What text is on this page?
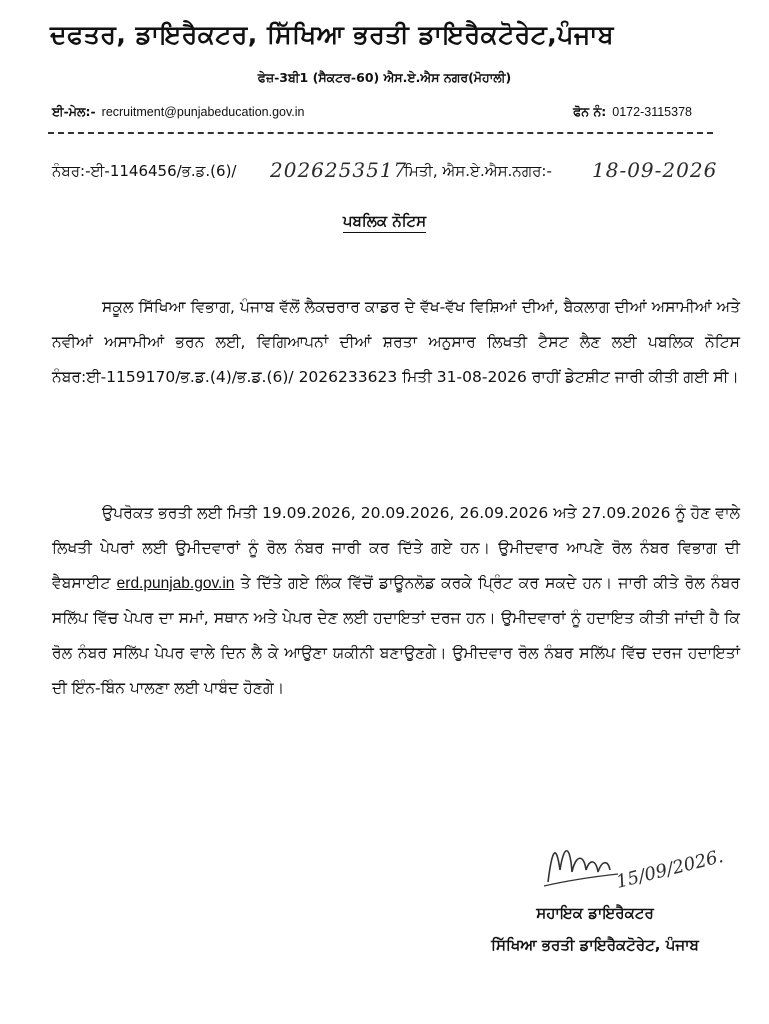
ਦਫਤਰ, ਡਾਇਰੈਕਟਰ, ਸਿੱਖਿਆ ਭਰਤੀ ਡਾਇਰੈਕਟੋਰੇਟ,ਪੰਜਾਬ
ਫੇਜ਼-3ਬੀ1 (ਸੈਕਟਰ-60) ਐਸ.ਏ.ਐਸ ਨਗਰ(ਮੋਹਾਲੀ)
ਈ-ਮੇਲ:- recruitment@punjabeducation.gov.in	ਫੋਨ ਨੰ: 0172-3115378
ਨੰਬਰ:-ਈ-1146456/ਭ.ਡ.(6)/ 2026253517
ਮਿਤੀ, ਐਸ.ਏ.ਐਸ.ਨਗਰ:- 18-09-2026
ਪਬਲਿਕ ਨੋਟਿਸ
ਸਕੂਲ ਸਿੱਖਿਆ ਵਿਭਾਗ, ਪੰਜਾਬ ਵੱਲੋਂ ਲੈਕਚਰਾਰ ਕਾਡਰ ਦੇ ਵੱਖ-ਵੱਖ ਵਿਸ਼ਿਆਂ ਦੀਆਂ, ਬੈਕਲਾਗ ਦੀਆਂ ਅਸਾਮੀਆਂ ਅਤੇ ਨਵੀਆਂ ਅਸਾਮੀਆਂ ਭਰਨ ਲਈ, ਵਿਗਿਆਪਨਾਂ ਦੀਆਂ ਸ਼ਰਤਾ ਅਨੁਸਾਰ ਲਿਖਤੀ ਟੈਸਟ ਲੈਣ ਲਈ ਪਬਲਿਕ ਨੋਟਿਸ ਨੰਬਰ:ਈ-1159170/ਭ.ਡ.(4)/ਭ.ਡ.(6)/ 2026233623 ਮਿਤੀ 31-08-2026 ਰਾਹੀਂ ਡੇਟਸ਼ੀਟ ਜਾਰੀ ਕੀਤੀ ਗਈ ਸੀ।
ਉਪਰੋਕਤ ਭਰਤੀ ਲਈ ਮਿਤੀ 19.09.2026, 20.09.2026, 26.09.2026 ਅਤੇ 27.09.2026 ਨੂੰ ਹੋਣ ਵਾਲੇ ਲਿਖਤੀ ਪੇਪਰਾਂ ਲਈ ਉਮੀਦਵਾਰਾਂ ਨੂੰ ਰੋਲ ਨੰਬਰ ਜਾਰੀ ਕਰ ਦਿੱਤੇ ਗਏ ਹਨ। ਉਮੀਦਵਾਰ ਆਪਣੇ ਰੋਲ ਨੰਬਰ ਵਿਭਾਗ ਦੀ ਵੈਬਸਾਈਟ erd.punjab.gov.in ਤੇ ਦਿੱਤੇ ਗਏ ਲਿੰਕ ਵਿੱਚੋਂ ਡਾਊਨਲੋਡ ਕਰਕੇ ਪ੍ਰਿੰਟ ਕਰ ਸਕਦੇ ਹਨ। ਜਾਰੀ ਕੀਤੇ ਰੋਲ ਨੰਬਰ ਸਲਿੱਪ ਵਿੱਚ ਪੇਪਰ ਦਾ ਸਮਾਂ, ਸਥਾਨ ਅਤੇ ਪੇਪਰ ਦੇਣ ਲਈ ਹਦਾਇਤਾਂ ਦਰਜ ਹਨ। ਉਮੀਦਵਾਰਾਂ ਨੂੰ ਹਦਾਇਤ ਕੀਤੀ ਜਾਂਦੀ ਹੈ ਕਿ ਰੋਲ ਨੰਬਰ ਸਲਿੱਪ ਪੇਪਰ ਵਾਲੇ ਦਿਨ ਲੈ ਕੇ ਆਉਣਾ ਯਕੀਨੀ ਬਣਾਉਣਗੇ। ਉਮੀਦਵਾਰ ਰੋਲ ਨੰਬਰ ਸਲਿੱਪ ਵਿੱਚ ਦਰਜ ਹਦਾਇਤਾਂ ਦੀ ਇੰਨ-ਬਿੰਨ ਪਾਲਣਾ ਲਈ ਪਾਬੰਦ ਹੋਣਗੇ।
15/09/2026.
ਸਹਾਇਕ ਡਾਇਰੈਕਟਰ
ਸਿੱਖਿਆ ਭਰਤੀ ਡਾਇਰੈਕਟੋਰੇਟ, ਪੰਜਾਬ
